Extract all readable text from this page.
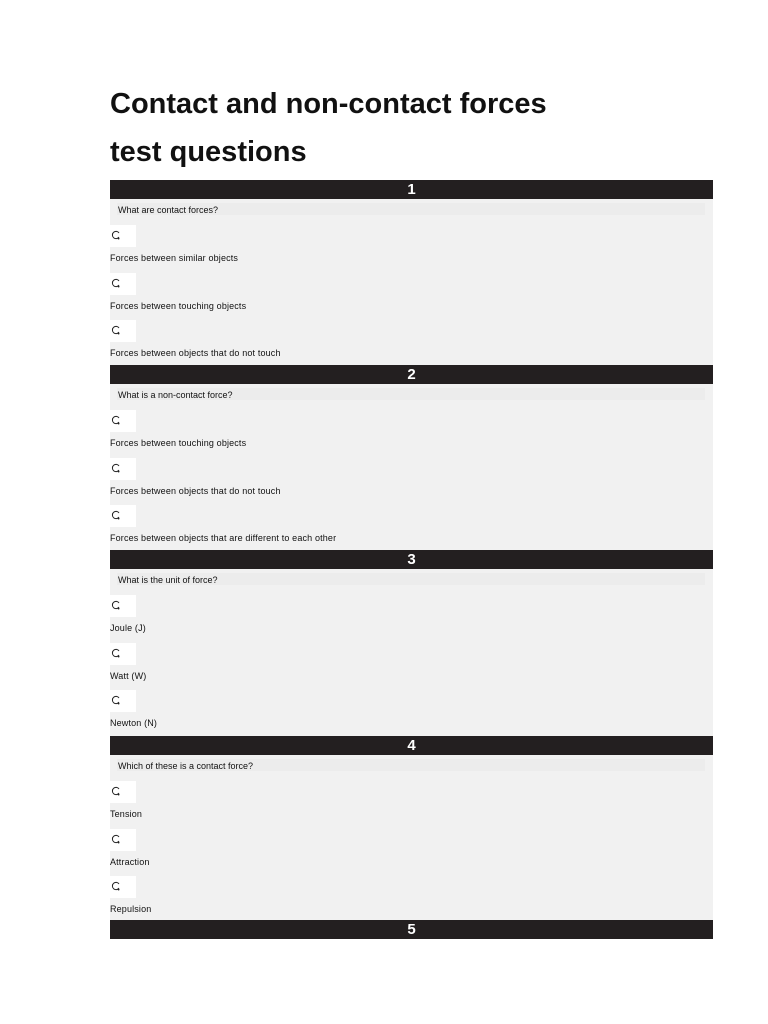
Contact and non-contact forces
test questions
1
What are contact forces?
Forces between similar objects
Forces between touching objects
Forces between objects that do not touch
2
What is a non-contact force?
Forces between touching objects
Forces between objects that do not touch
Forces between objects that are different to each other
3
What is the unit of force?
Joule (J)
Watt (W)
Newton (N)
4
Which of these is a contact force?
Tension
Attraction
Repulsion
5
